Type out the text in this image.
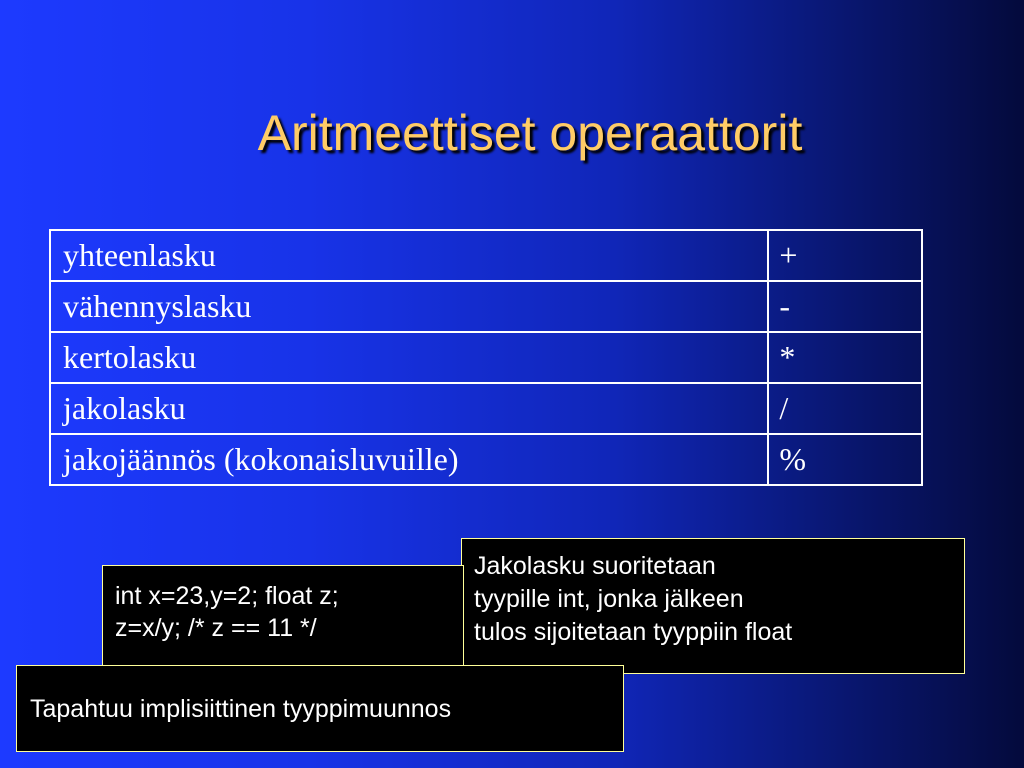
Aritmeettiset operaattorit
yhteenlasku	+
vähennyslasku	-
kertolasku	*
jakolasku	/
jakojäännös (kokonaisluvuille)	%
Jakolasku suoritetaan
tyypille int, jonka jälkeen
tulos sijoitetaan tyyppiin float
int x=23,y=2; float z;
z=x/y; /* z == 11 */
Tapahtuu implisiittinen tyyppimuunnos
